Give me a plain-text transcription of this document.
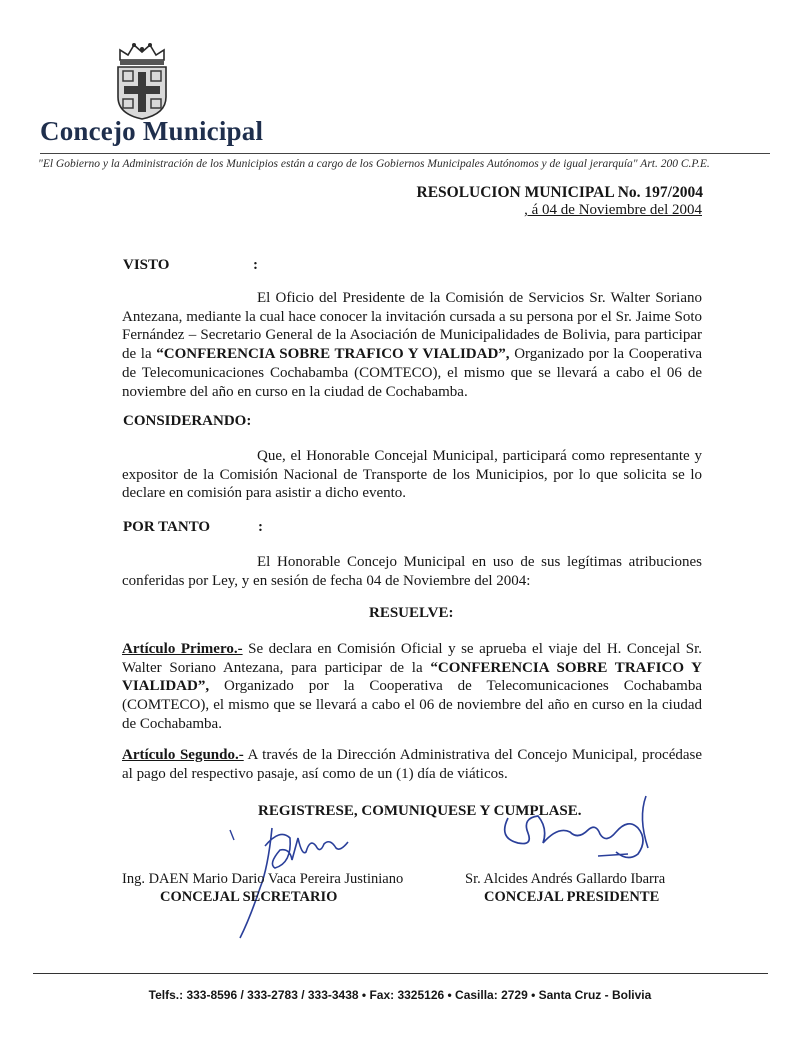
Concejo Municipal
"El Gobierno y la Administración de los Municipios están a cargo de los Gobiernos Municipales Autónomos y de igual jerarquía" Art. 200 C.P.E.
RESOLUCION MUNICIPAL No. 197/2004
, á 04 de Noviembre del 2004
VISTO	:
El Oficio del Presidente de la Comisión de Servicios Sr. Walter Soriano Antezana, mediante la cual hace conocer la invitación cursada a su persona por el Sr. Jaime Soto Fernández – Secretario General de la Asociación de Municipalidades de Bolivia, para participar de la “CONFERENCIA SOBRE TRAFICO Y VIALIDAD”, Organizado por la Cooperativa de Telecomunicaciones Cochabamba (COMTECO), el mismo que se llevará a cabo el 06 de noviembre del año en curso en la ciudad de Cochabamba.
CONSIDERANDO:
Que, el Honorable Concejal Municipal, participará como representante y expositor de la Comisión Nacional de Transporte de los Municipios, por lo que solicita se lo declare en comisión para asistir a dicho evento.
POR TANTO	:
El Honorable Concejo Municipal en uso de sus legítimas atribuciones conferidas por Ley, y en sesión de fecha 04 de Noviembre del 2004:
RESUELVE:
Artículo Primero.- Se declara en Comisión Oficial y se aprueba el viaje del H. Concejal Sr. Walter Soriano Antezana, para participar de la “CONFERENCIA SOBRE TRAFICO Y VIALIDAD”, Organizado por la Cooperativa de Telecomunicaciones Cochabamba (COMTECO), el mismo que se llevará a cabo el 06 de noviembre del año en curso en la ciudad de Cochabamba.
Artículo Segundo.- A través de la Dirección Administrativa del Concejo Municipal, procédase al pago del respectivo pasaje, así como de un (1) día de viáticos.
REGISTRESE, COMUNIQUESE Y CUMPLASE.
Ing. DAEN Mario Dario Vaca Pereira Justiniano
CONCEJAL SECRETARIO
Sr. Alcides Andrés Gallardo Ibarra
CONCEJAL PRESIDENTE
Telfs.: 333-8596 / 333-2783 / 333-3438 • Fax: 3325126 • Casilla: 2729 • Santa Cruz - Bolivia
